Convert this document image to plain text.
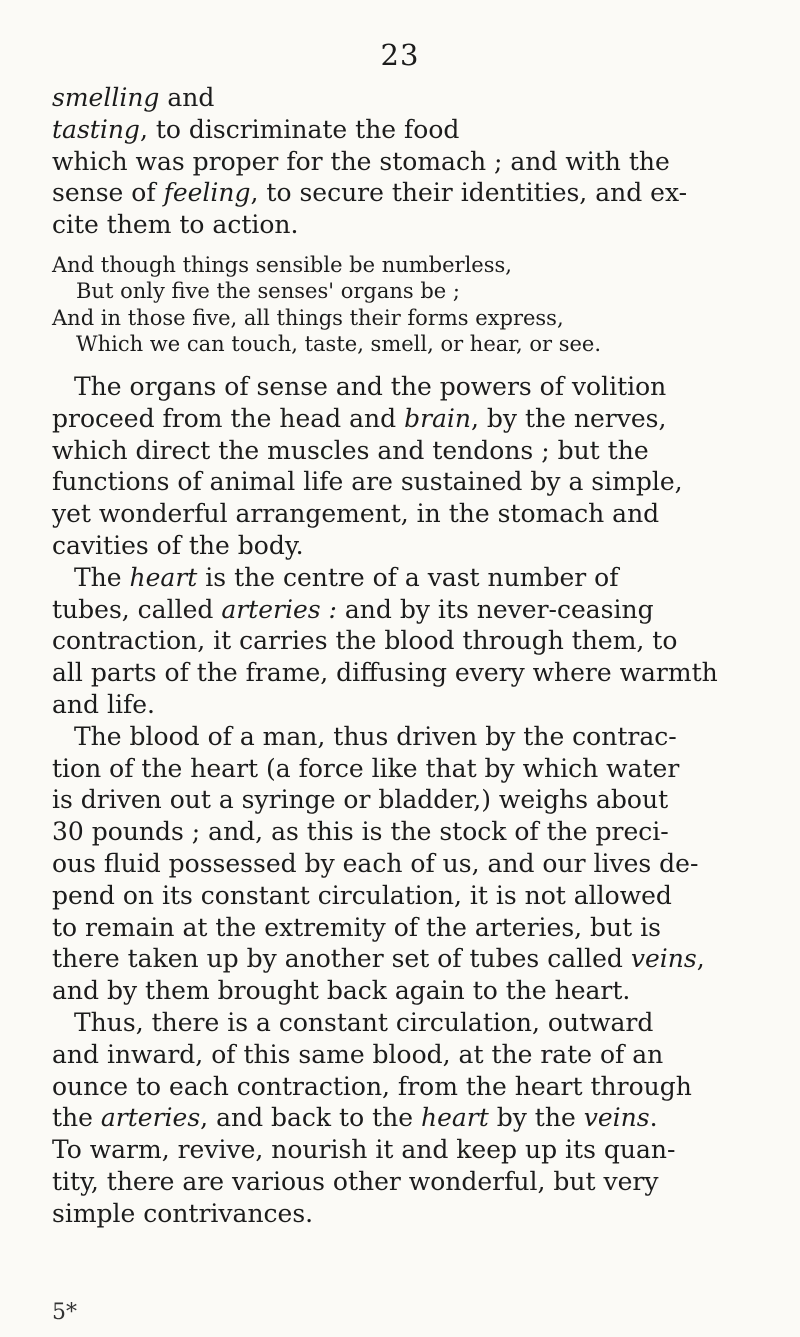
23
smelling and
tasting, to discriminate the food
which was proper for the stomach ; and with the
sense of feeling, to secure their identities, and ex-
cite them to action.
And though things sensible be numberless,
But only five the senses' organs be ;
And in those five, all things their forms express,
Which we can touch, taste, smell, or hear, or see.
The organs of sense and the powers of volition
proceed from the head and brain, by the nerves,
which direct the muscles and tendons ; but the
functions of animal life are sustained by a simple,
yet wonderful arrangement, in the stomach and
cavities of the body.
The heart is the centre of a vast number of
tubes, called arteries : and by its never-ceasing
contraction, it carries the blood through them, to
all parts of the frame, diffusing every where warmth
and life.
The blood of a man, thus driven by the contrac-
tion of the heart (a force like that by which water
is driven out a syringe or bladder,) weighs about
30 pounds ; and, as this is the stock of the preci-
ous fluid possessed by each of us, and our lives de-
pend on its constant circulation, it is not allowed
to remain at the extremity of the arteries, but is
there taken up by another set of tubes called veins,
and by them brought back again to the heart.
Thus, there is a constant circulation, outward
and inward, of this same blood, at the rate of an
ounce to each contraction, from the heart through
the arteries, and back to the heart by the veins.
To warm, revive, nourish it and keep up its quan-
tity, there are various other wonderful, but very
simple contrivances.
5*
